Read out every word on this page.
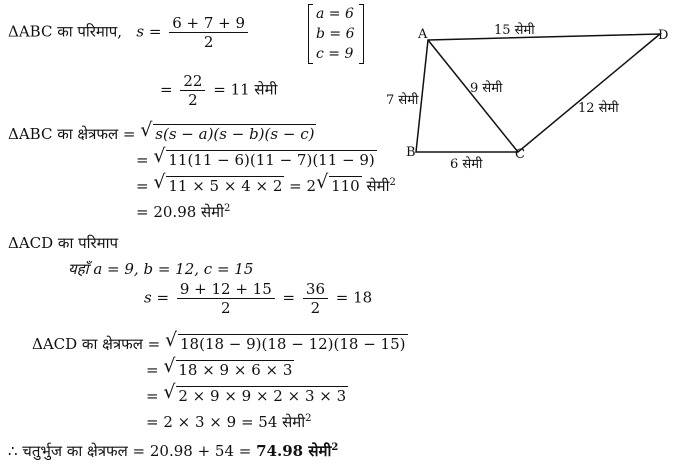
ΔABC का परिमाप, $s = \frac{6 + 7 + 9}{2}$	a = 6
b = 6
c = 9
= $\frac{22}{2} = 11$ सेमी
ΔABC का क्षेत्रफल = √ s(s − a)(s − b)(s − c)
= √ 11(11 − 6)(11 − 7)(11 − 9)
= √ 11 × 5 × 4 × 2 = 2 √ 110 सेमी$^2$
= 20.98 सेमी$^2$
ΔACD का परिमाप
यहाँ a = 9, b = 12, c = 15
$s = \frac{9 + 12 + 15}{2} = \frac{36}{2} = 18$
ΔACD का क्षेत्रफल = √ 18(18 − 9)(18 − 12)(18 − 15)
= √ 18 × 9 × 6 × 3
= √ 2 × 9 × 9 × 2 × 3 × 3
= 2 × 3 × 9 = 54 सेमी$^2$
∴ चतुर्भुज का क्षेत्रफल = 20.98 + 54 = 74.98 सेमी$^2$
A
B	C
D
15 सेमी
7 सेमी
9 सेमी
12 सेमी
6 सेमी
